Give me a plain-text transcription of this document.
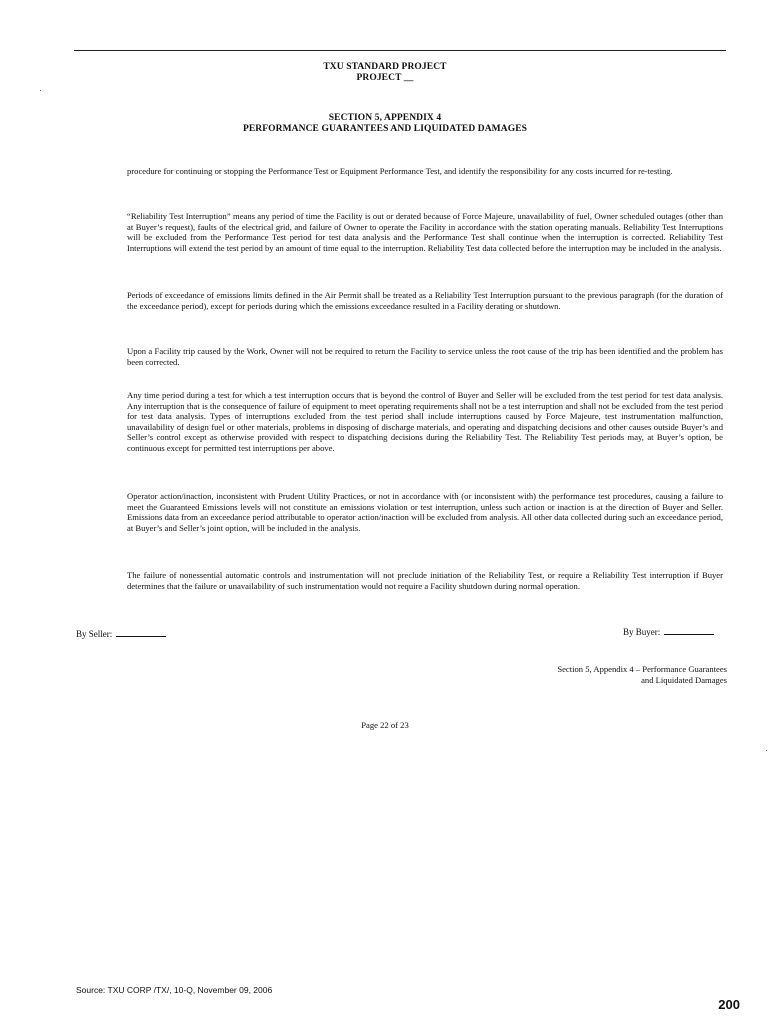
TXU STANDARD PROJECT
PROJECT __
SECTION 5, APPENDIX 4
PERFORMANCE GUARANTEES AND LIQUIDATED DAMAGES
procedure for continuing or stopping the Performance Test or Equipment Performance Test, and identify the responsibility for any costs incurred for re-testing.
“Reliability Test Interruption” means any period of time the Facility is out or derated because of Force Majeure, unavailability of fuel, Owner scheduled outages (other than at Buyer’s request), faults of the electrical grid, and failure of Owner to operate the Facility in accordance with the station operating manuals. Reliability Test Interruptions will be excluded from the Performance Test period for test data analysis and the Performance Test shall continue when the interruption is corrected. Reliability Test Interruptions will extend the test period by an amount of time equal to the interruption. Reliability Test data collected before the interruption may be included in the analysis.
Periods of exceedance of emissions limits defined in the Air Permit shall be treated as a Reliability Test Interruption pursuant to the previous paragraph (for the duration of the exceedance period), except for periods during which the emissions exceedance resulted in a Facility derating or shutdown.
Upon a Facility trip caused by the Work, Owner will not be required to return the Facility to service unless the root cause of the trip has been identified and the problem has been corrected.
Any time period during a test for which a test interruption occurs that is beyond the control of Buyer and Seller will be excluded from the test period for test data analysis. Any interruption that is the consequence of failure of equipment to meet operating requirements shall not be a test interruption and shall not be excluded from the test period for test data analysis. Types of interruptions excluded from the test period shall include interruptions caused by Force Majeure, test instrumentation malfunction, unavailability of design fuel or other materials, problems in disposing of discharge materials, and operating and dispatching decisions and other causes outside Buyer’s and Seller’s control except as otherwise provided with respect to dispatching decisions during the Reliability Test. The Reliability Test periods may, at Buyer’s option, be continuous except for permitted test interruptions per above.
Operator action/inaction, inconsistent with Prudent Utility Practices, or not in accordance with (or inconsistent with) the performance test procedures, causing a failure to meet the Guaranteed Emissions levels will not constitute an emissions violation or test interruption, unless such action or inaction is at the direction of Buyer and Seller. Emissions data from an exceedance period attributable to operator action/inaction will be excluded from analysis. All other data collected during such an exceedance period, at Buyer’s and Seller’s joint option, will be included in the analysis.
The failure of nonessential automatic controls and instrumentation will not preclude initiation of the Reliability Test, or require a Reliability Test interruption if Buyer determines that the failure or unavailability of such instrumentation would not require a Facility shutdown during normal operation.
By Seller:	By Buyer:
Section 5, Appendix 4 – Performance Guarantees
and Liquidated Damages
Page 22 of 23
Source: TXU CORP /TX/, 10-Q, November 09, 2006
200
